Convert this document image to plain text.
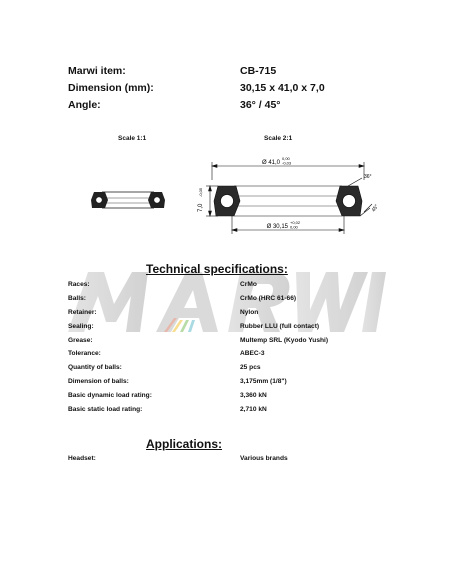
Marwi item:	CB-715
Dimension (mm):	30,15 x 41,0 x 7,0
Angle:	36° / 45°
Scale 1:1	Scale 2:1
Ø 41,0
0,00
-0,03
Ø 30,15
+0,02
0,00
7,0
-0,05
36°
45°
Technical specifications:
Races:	CrMo
Balls:	CrMo (HRC 61-66)
Retainer:	Nylon
Sealing:	Rubber LLU (full contact)
Grease:	Multemp SRL (Kyodo Yushi)
Tolerance:	ABEC-3
Quantity of balls:	25 pcs
Dimension of balls:	3,175mm (1/8")
Basic dynamic load rating:	3,360 kN
Basic static load rating:	2,710 kN
Applications:
Headset:	Various brands
